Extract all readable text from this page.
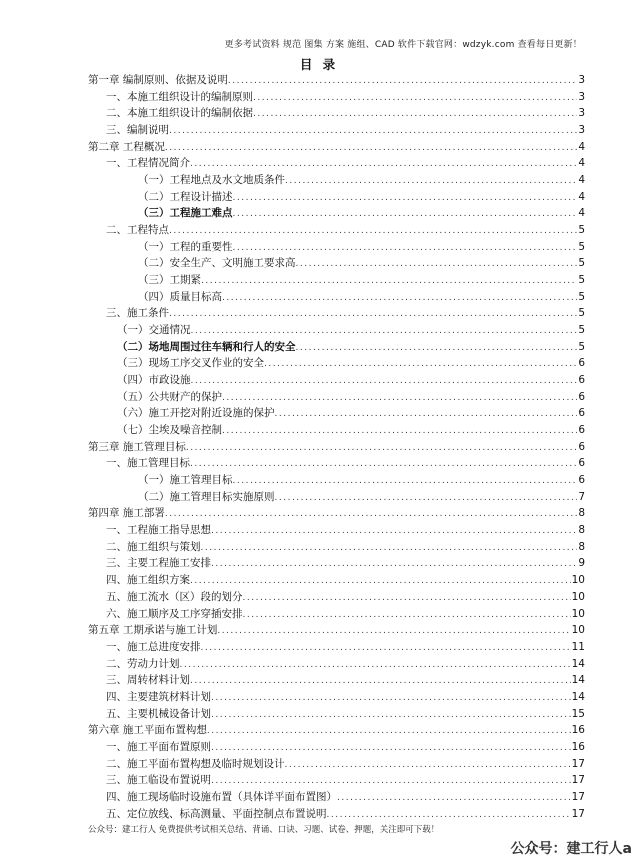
更多考试资料 规范 图集 方案 施组、CAD 软件下载官网：wdzyk.com 查看每日更新！
目 录
第一章 编制原则、依据及说明 .....	3
一、本施工组织设计的编制原则 .....	3
二、本施工组织设计的编制依据 .....	3
三、编制说明 .....	3
第二章 工程概况 .....	4
一、工程情况简介 .....	4
（一）工程地点及水文地质条件 .....	4
（二）工程设计描述 .....	4
（三）工程施工难点 .....	4
二、工程特点 .....	5
（一）工程的重要性 .....	5
（二）安全生产、文明施工要求高 .....	5
（三）工期紧 .....	5
（四）质量目标高 .....	5
三、施工条件 .....	5
（一）交通情况 .....	5
（二）场地周围过往车辆和行人的安全 .....	5
（三）现场工序交叉作业的安全 .....	6
（四）市政设施 .....	6
（五）公共财产的保护 .....	6
（六）施工开挖对附近设施的保护 .....	6
（七）尘埃及噪音控制 .....	6
第三章 施工管理目标 .....	6
一、施工管理目标 .....	6
（一）施工管理目标 .....	6
（二）施工管理目标实施原则 .....	7
第四章 施工部署 .....	8
一、工程施工指导思想 .....	8
二、施工组织与策划 .....	8
三、主要工程施工安排 .....	9
四、施工组织方案 .....	10
五、施工流水（区）段的划分 .....	10
六、施工顺序及工序穿插安排 .....	10
第五章 工期承诺与施工计划 .....	10
一、施工总进度安排 .....	11
二、劳动力计划 .....	14
三、周转材料计划 .....	14
四、主要建筑材料计划 .....	14
五、主要机械设备计划 .....	15
第六章 施工平面布置构想 .....	16
一、施工平面布置原则 .....	16
二、施工平面布置构想及临时规划设计 .....	17
三、施工临设布置说明 .....	17
四、施工现场临时设施布置（具体详平面布置图） .....	17
五、定位放线、标高测量、平面控制点布置说明 .....	17
公众号：建工行人 免费提供考试相关总结、背诵、口诀、习题、试卷、押题，关注即可下载！
公众号：建工行人a
